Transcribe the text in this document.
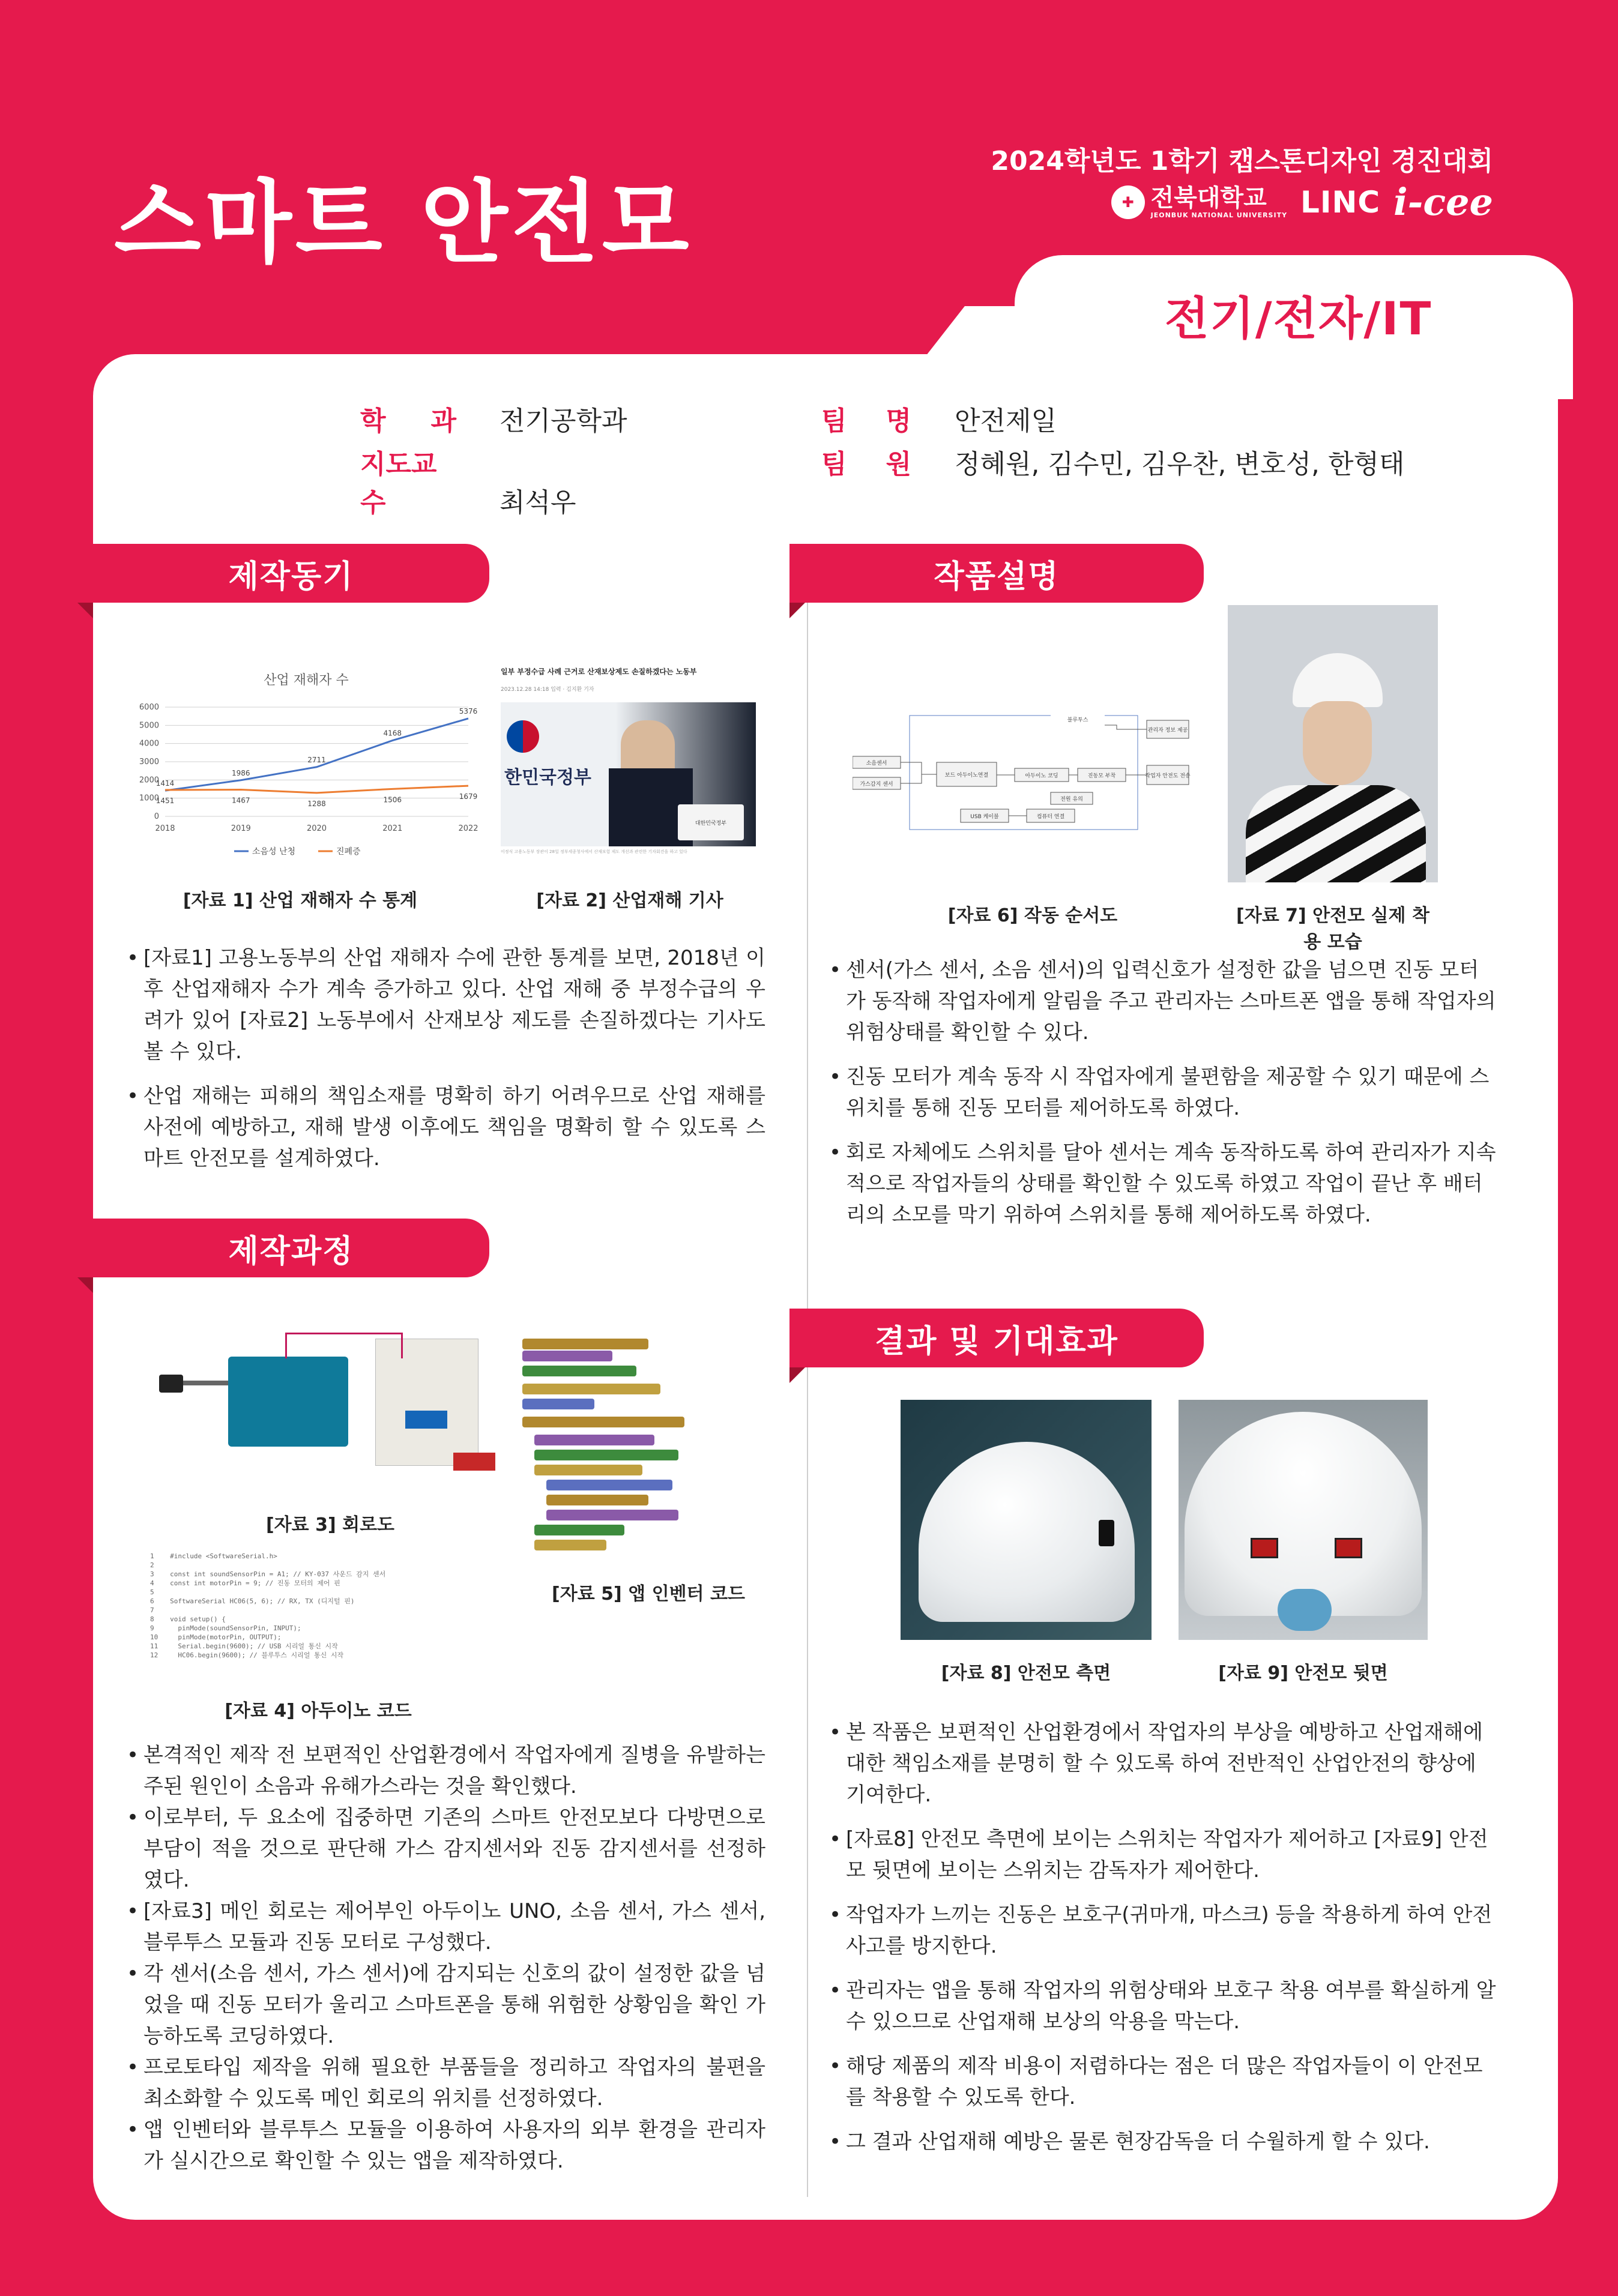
스마트 안전모
2024학년도 1학기 캡스톤디자인 경진대회
✚ 전북대학교
JEONBUK NATIONAL UNIVERSITY LINC i-cee
전기/전자/IT
학 과 전기공학과
지도교수	최석우
팀 명 안전제일
팀 원 정혜원, 김수민, 김우찬, 변호성, 한형태
제작동기	작품설명
제작과정
결과 및 기대효과
산업 재해자 수
0
1000
2000
3000
4000
5000
6000
2018	2019	2020	2021	2022
1414
1986
2711
4168
5376
1451	1467	1288	1506	1679
소음성 난청	진폐증
[자료 1] 산업 재해자 수 통계
일부 부정수급 사례 근거로 산재보상제도 손질하겠다는 노동부
2023.12.28 14:18 입력 · 김지환 기자
한민국정부
대한민국정부
이정식 고용노동부 장관이 28일 정부세종청사에서 산재보험 제도 개선과 관련한 기자회견을 하고 있다
[자료 2] 산업재해 기사
• [자료1] 고용노동부의 산업 재해자 수에 관한 통계를 보면, 2018년 이후 산업재해자 수가 계속 증가하고 있다. 산업 재해 중 부정수급의 우려가 있어 [자료2] 노동부에서 산재보상 제도를 손질하겠다는 기사도 볼 수 있다.
• 산업 재해는 피해의 책임소재를 명확히 하기 어려우므로 산업 재해를 사전에 예방하고, 재해 발생 이후에도 책임을 명확히 할 수 있도록 스마트 안전모를 설계하였다.
소음센서
가스감지 센서
보드 아두이노연결	아두이노 코딩	진동모 부착	작업자 안전도 전송
블루투스
관리자 정보 제공
전원 유의
USB 케이블	컴퓨터 연결
[자료 6] 작동 순서도	[자료 7] 안전모 실제 착용 모습
• 센서(가스 센서, 소음 센서)의 입력신호가 설정한 값을 넘으면 진동 모터가 동작해 작업자에게 알림을 주고 관리자는 스마트폰 앱을 통해 작업자의 위험상태를 확인할 수 있다.
• 진동 모터가 계속 동작 시 작업자에게 불편함을 제공할 수 있기 때문에 스위치를 통해 진동 모터를 제어하도록 하였다.
• 회로 자체에도 스위치를 달아 센서는 계속 동작하도록 하여 관리자가 지속적으로 작업자들의 상태를 확인할 수 있도록 하였고 작업이 끝난 후 배터리의 소모를 막기 위하여 스위치를 통해 제어하도록 하였다.
[자료 3] 회로도
1    #include <SoftwareSerial.h>
2
3    const int soundSensorPin = A1; // KY-037 사운드 감지 센서
4    const int motorPin = 9; // 진동 모터의 제어 핀
5
6    SoftwareSerial HC06(5, 6); // RX, TX (디지털 핀)
7
8    void setup() {
9      pinMode(soundSensorPin, INPUT);
10     pinMode(motorPin, OUTPUT);
11     Serial.begin(9600); // USB 시리얼 통신 시작
12     HC06.begin(9600); // 블루투스 시리얼 통신 시작
[자료 4] 아두이노 코드
[자료 5] 앱 인벤터 코드
• 본격적인 제작 전 보편적인 산업환경에서 작업자에게 질병을 유발하는 주된 원인이 소음과 유해가스라는 것을 확인했다.
• 이로부터, 두 요소에 집중하면 기존의 스마트 안전모보다 다방면으로 부담이 적을 것으로 판단해 가스 감지센서와 진동 감지센서를 선정하였다.
• [자료3] 메인 회로는 제어부인 아두이노 UNO, 소음 센서, 가스 센서, 블루투스 모듈과 진동 모터로 구성했다.
• 각 센서(소음 센서, 가스 센서)에 감지되는 신호의 값이 설정한 값을 넘었을 때 진동 모터가 울리고 스마트폰을 통해 위험한 상황임을 확인 가능하도록 코딩하였다.
• 프로토타입 제작을 위해 필요한 부품들을 정리하고 작업자의 불편을 최소화할 수 있도록 메인 회로의 위치를 선정하였다.
• 앱 인벤터와 블루투스 모듈을 이용하여 사용자의 외부 환경을 관리자가 실시간으로 확인할 수 있는 앱을 제작하였다.
[자료 8] 안전모 측면	[자료 9] 안전모 뒷면
• 본 작품은 보편적인 산업환경에서 작업자의 부상을 예방하고 산업재해에 대한 책임소재를 분명히 할 수 있도록 하여 전반적인 산업안전의 향상에 기여한다.
• [자료8] 안전모 측면에 보이는 스위치는 작업자가 제어하고 [자료9] 안전모 뒷면에 보이는 스위치는 감독자가 제어한다.
• 작업자가 느끼는 진동은 보호구(귀마개, 마스크) 등을 착용하게 하여 안전사고를 방지한다.
• 관리자는 앱을 통해 작업자의 위험상태와 보호구 착용 여부를 확실하게 알 수 있으므로 산업재해 보상의 악용을 막는다.
• 해당 제품의 제작 비용이 저렴하다는 점은 더 많은 작업자들이 이 안전모를 착용할 수 있도록 한다.
• 그 결과 산업재해 예방은 물론 현장감독을 더 수월하게 할 수 있다.
